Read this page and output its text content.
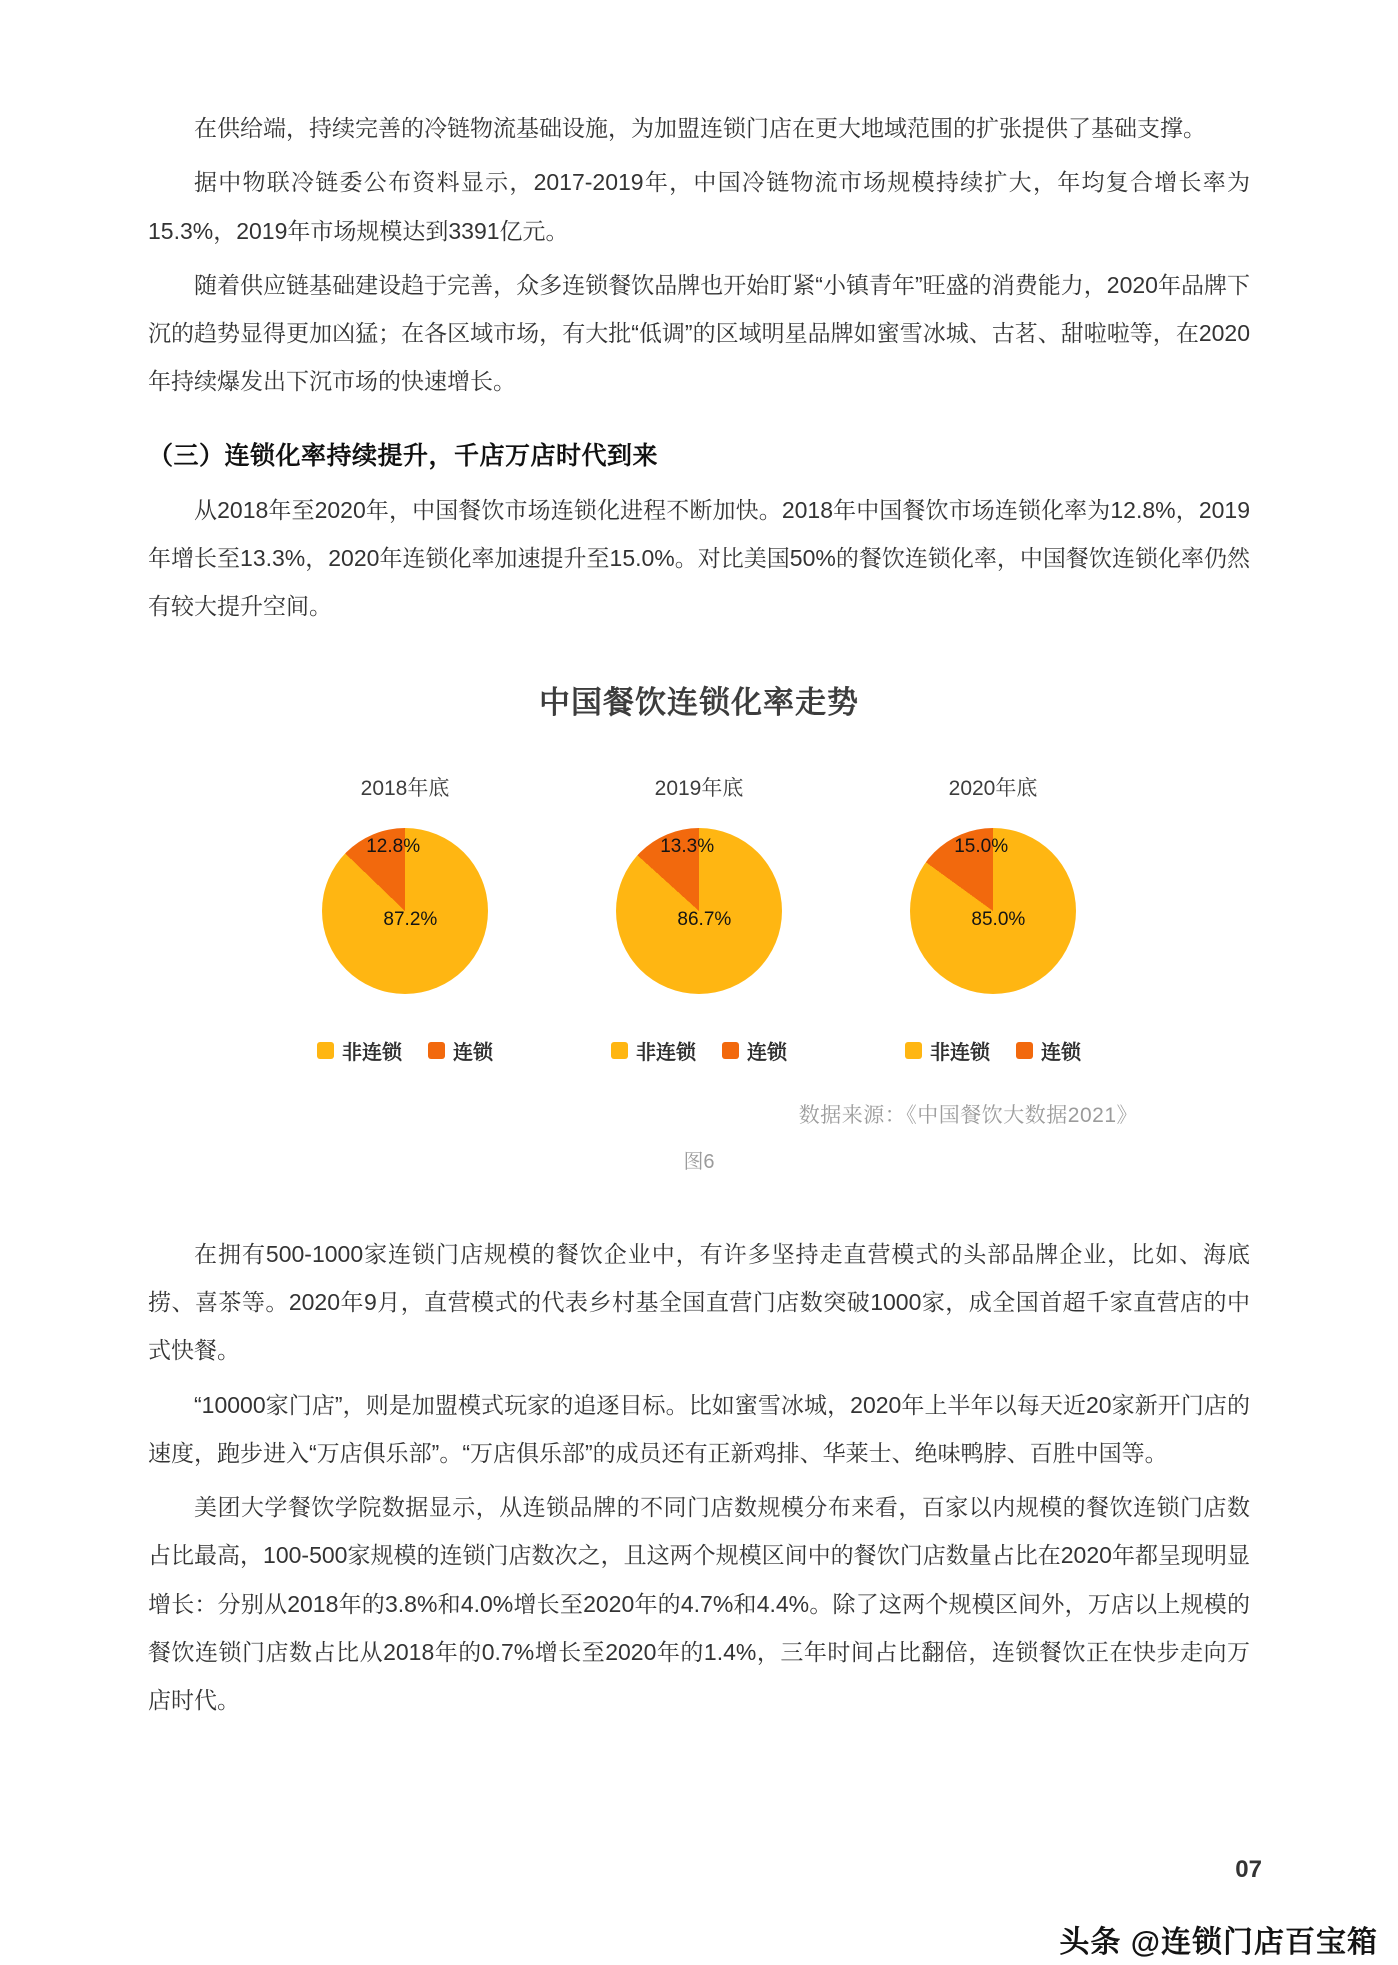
在供给端，持续完善的冷链物流基础设施，为加盟连锁门店在更大地域范围的扩张提供了基础支撑。

据中物联冷链委公布资料显示，2017-2019年，中国冷链物流市场规模持续扩大，年均复合增长率为15.3%，2019年市场规模达到3391亿元。

随着供应链基础建设趋于完善，众多连锁餐饮品牌也开始盯紧“小镇青年”旺盛的消费能力，2020年品牌下沉的趋势显得更加凶猛；在各区域市场，有大批“低调”的区域明星品牌如蜜雪冰城、古茗、甜啦啦等，在2020年持续爆发出下沉市场的快速增长。

（三）连锁化率持续提升，千店万店时代到来

从2018年至2020年，中国餐饮市场连锁化进程不断加快。2018年中国餐饮市场连锁化率为12.8%，2019年增长至13.3%，2020年连锁化率加速提升至15.0%。对比美国50%的餐饮连锁化率，中国餐饮连锁化率仍然有较大提升空间。

中国餐饮连锁化率走势
2018年底
12.8%
87.2%
非连锁	连锁
2019年底
13.3%
86.7%
非连锁	连锁
2020年底
15.0%
85.0%
非连锁	连锁
数据来源：《中国餐饮大数据2021》
图6

在拥有500-1000家连锁门店规模的餐饮企业中，有许多坚持走直营模式的头部品牌企业，比如、海底捞、喜茶等。2020年9月，直营模式的代表乡村基全国直营门店数突破1000家，成全国首超千家直营店的中式快餐。

“10000家门店”，则是加盟模式玩家的追逐目标。比如蜜雪冰城，2020年上半年以每天近20家新开门店的速度，跑步进入“万店俱乐部”。“万店俱乐部”的成员还有正新鸡排、华莱士、绝味鸭脖、百胜中国等。

美团大学餐饮学院数据显示，从连锁品牌的不同门店数规模分布来看，百家以内规模的餐饮连锁门店数占比最高，100-500家规模的连锁门店数次之，且这两个规模区间中的餐饮门店数量占比在2020年都呈现明显增长：分别从2018年的3.8%和4.0%增长至2020年的4.7%和4.4%。除了这两个规模区间外，万店以上规模的餐饮连锁门店数占比从2018年的0.7%增长至2020年的1.4%，三年时间占比翻倍，连锁餐饮正在快步走向万店时代。

07
头条 @连锁门店百宝箱
